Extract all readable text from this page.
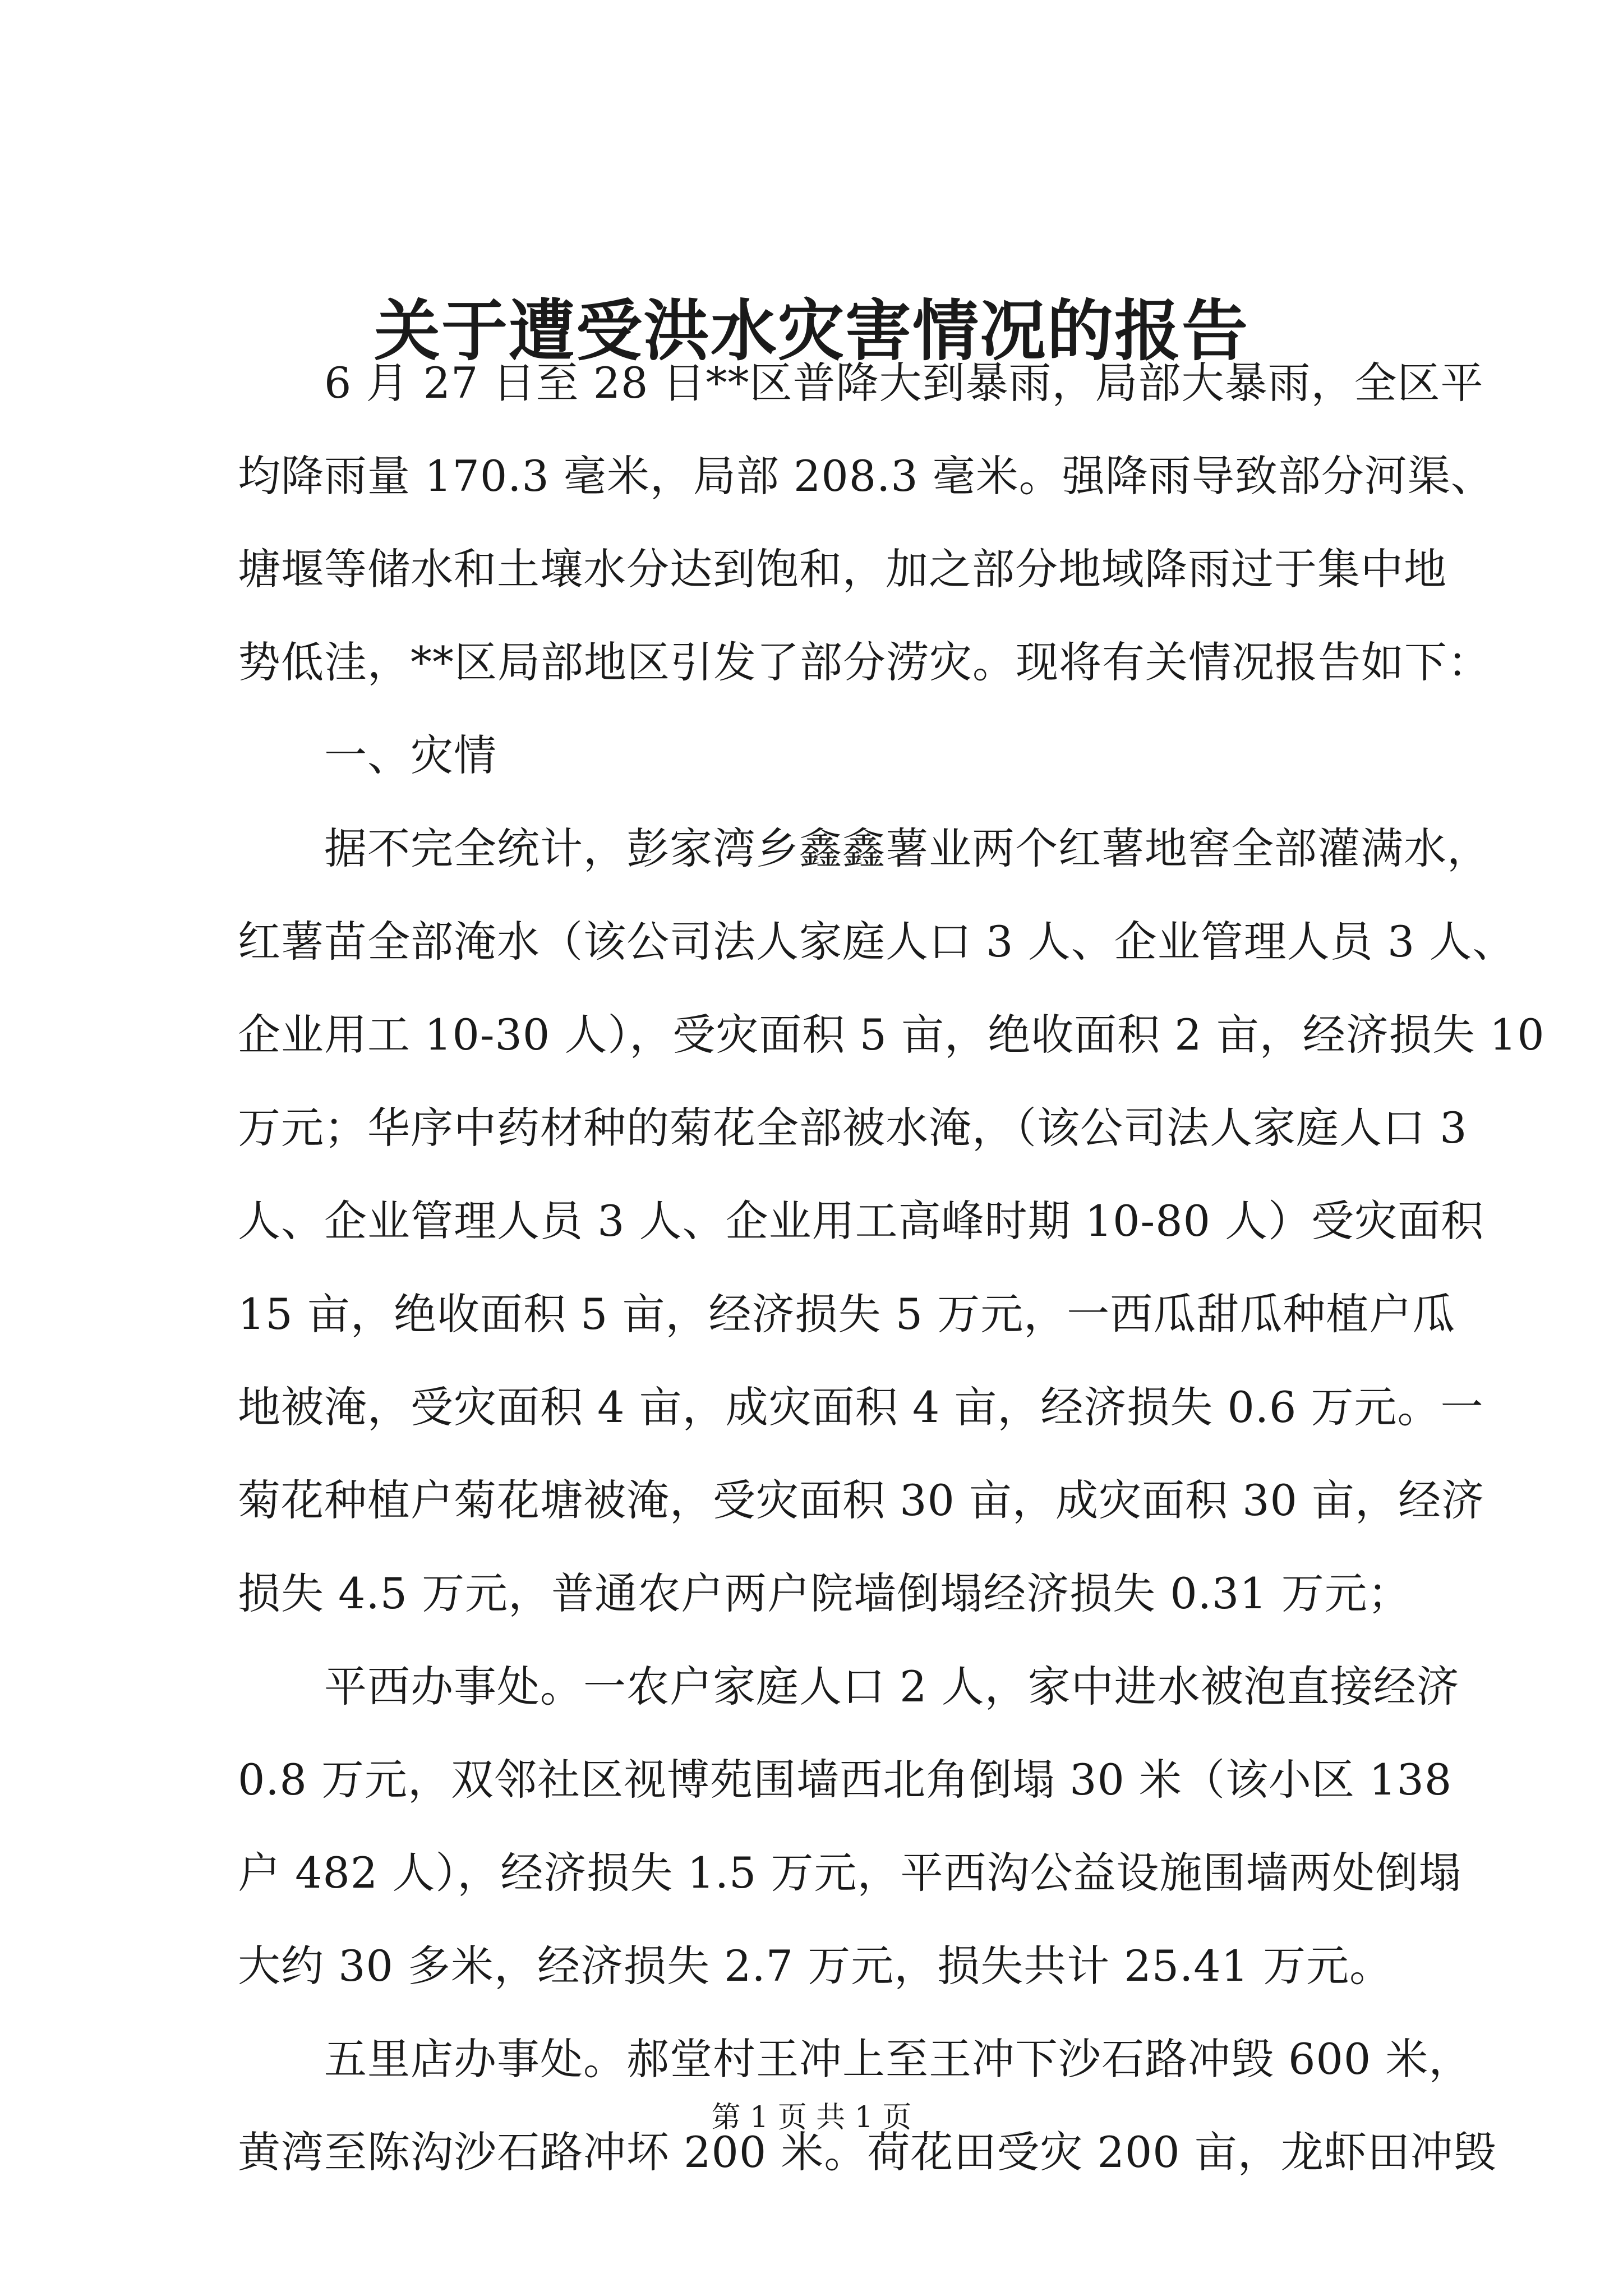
关于遭受洪水灾害情况的报告
6 月 27 日至 28 日**区普降大到暴雨，局部大暴雨，全区平
均降雨量 170.3 毫米，局部 208.3 毫米。强降雨导致部分河渠、
塘堰等储水和土壤水分达到饱和，加之部分地域降雨过于集中地
势低洼，**区局部地区引发了部分涝灾。现将有关情况报告如下：
一、灾情
据不完全统计，彭家湾乡鑫鑫薯业两个红薯地窖全部灌满水，
红薯苗全部淹水（该公司法人家庭人口 3 人、企业管理人员 3 人、
企业用工 10-30 人），受灾面积 5 亩，绝收面积 2 亩，经济损失 10
万元；华序中药材种的菊花全部被水淹，（该公司法人家庭人口 3
人、企业管理人员 3 人、企业用工高峰时期 10-80 人）受灾面积
15 亩，绝收面积 5 亩，经济损失 5 万元，一西瓜甜瓜种植户瓜
地被淹，受灾面积 4 亩，成灾面积 4 亩，经济损失 0.6 万元。一
菊花种植户菊花塘被淹，受灾面积 30 亩，成灾面积 30 亩，经济
损失 4.5 万元，普通农户两户院墙倒塌经济损失 0.31 万元；
平西办事处。一农户家庭人口 2 人，家中进水被泡直接经济
0.8 万元，双邻社区视博苑围墙西北角倒塌 30 米（该小区 138
户 482 人），经济损失 1.5 万元，平西沟公益设施围墙两处倒塌
大约 30 多米，经济损失 2.7 万元，损失共计 25.41 万元。
五里店办事处。郝堂村王冲上至王冲下沙石路冲毁 600 米，
黄湾至陈沟沙石路冲坏 200 米。荷花田受灾 200 亩，龙虾田冲毁
第 1 页 共 1 页
